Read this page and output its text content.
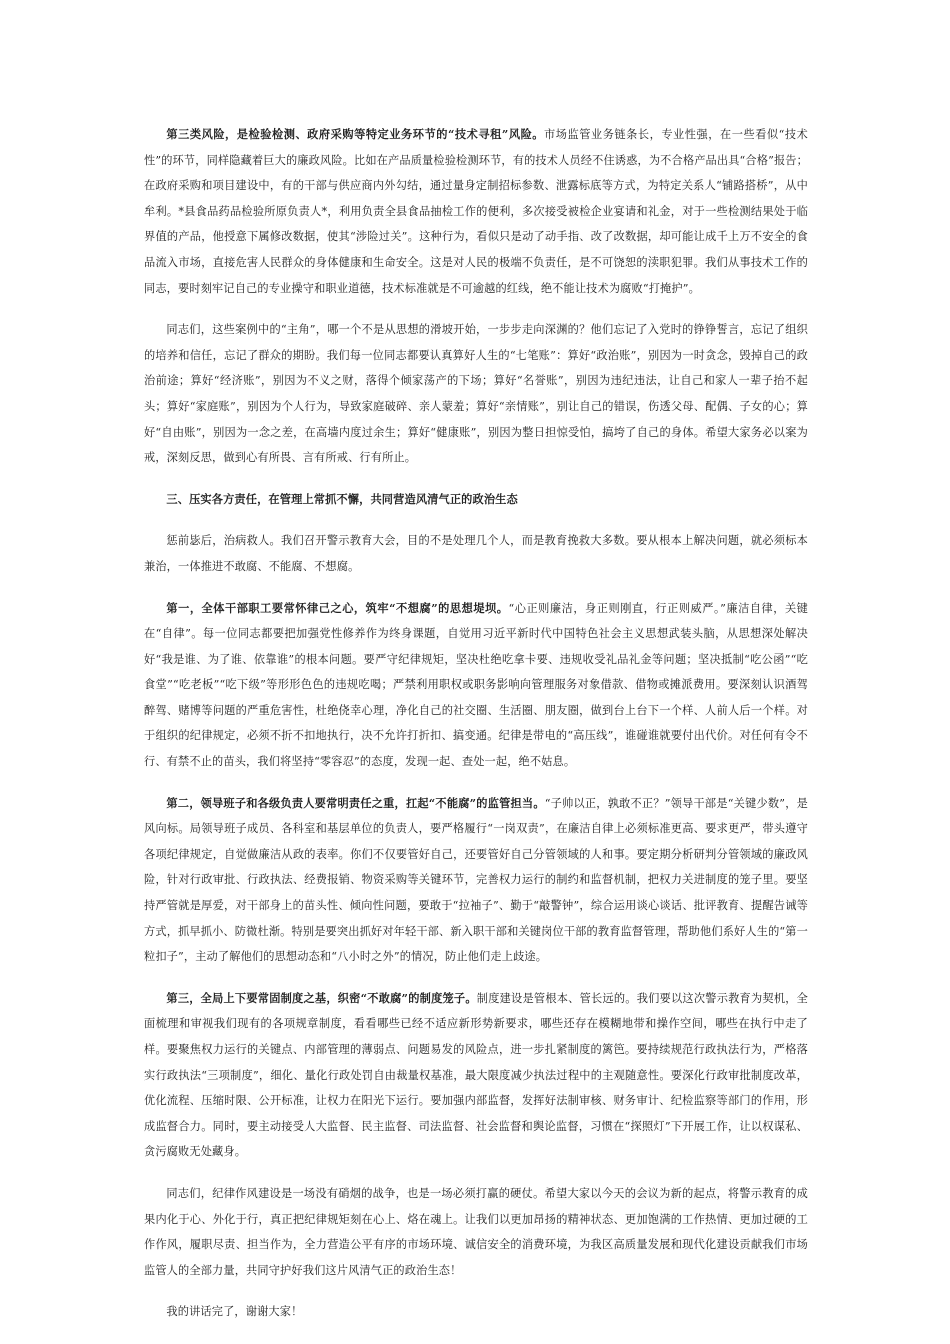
第三类风险，是检验检测、政府采购等特定业务环节的“技术寻租”风险。市场监管业务链条长，专业性强，在一些看似“技术性”的环节，同样隐藏着巨大的廉政风险。比如在产品质量检验检测环节，有的技术人员经不住诱惑，为不合格产品出具“合格”报告；在政府采购和项目建设中，有的干部与供应商内外勾结，通过量身定制招标参数、泄露标底等方式，为特定关系人“铺路搭桥”，从中牟利。*县食品药品检验所原负责人*，利用负责全县食品抽检工作的便利，多次接受被检企业宴请和礼金，对于一些检测结果处于临界值的产品，他授意下属修改数据，使其“涉险过关”。这种行为，看似只是动了动手指、改了改数据，却可能让成千上万不安全的食品流入市场，直接危害人民群众的身体健康和生命安全。这是对人民的极端不负责任，是不可饶恕的渎职犯罪。我们从事技术工作的同志，要时刻牢记自己的专业操守和职业道德，技术标准就是不可逾越的红线，绝不能让技术为腐败“打掩护”。

同志们，这些案例中的“主角”，哪一个不是从思想的滑坡开始，一步步走向深渊的？他们忘记了入党时的铮铮誓言，忘记了组织的培养和信任，忘记了群众的期盼。我们每一位同志都要认真算好人生的“七笔账”：算好“政治账”，别因为一时贪念，毁掉自己的政治前途；算好“经济账”，别因为不义之财，落得个倾家荡产的下场；算好“名誉账”，别因为违纪违法，让自己和家人一辈子抬不起头；算好“家庭账”，别因为个人行为，导致家庭破碎、亲人蒙羞；算好“亲情账”，别让自己的错误，伤透父母、配偶、子女的心；算好“自由账”，别因为一念之差，在高墙内度过余生；算好“健康账”，别因为整日担惊受怕，搞垮了自己的身体。希望大家务必以案为戒，深刻反思，做到心有所畏、言有所戒、行有所止。

三、压实各方责任，在管理上常抓不懈，共同营造风清气正的政治生态

惩前毖后，治病救人。我们召开警示教育大会，目的不是处理几个人，而是教育挽救大多数。要从根本上解决问题，就必须标本兼治，一体推进不敢腐、不能腐、不想腐。

第一，全体干部职工要常怀律己之心，筑牢“不想腐”的思想堤坝。“心正则廉洁，身正则刚直，行正则威严。”廉洁自律，关键在“自律”。每一位同志都要把加强党性修养作为终身课题，自觉用习近平新时代中国特色社会主义思想武装头脑，从思想深处解决好“我是谁、为了谁、依靠谁”的根本问题。要严守纪律规矩，坚决杜绝吃拿卡要、违规收受礼品礼金等问题；坚决抵制“吃公函”“吃食堂”“吃老板”“吃下级”等形形色色的违规吃喝；严禁利用职权或职务影响向管理服务对象借款、借物或摊派费用。要深刻认识酒驾醉驾、赌博等问题的严重危害性，杜绝侥幸心理，净化自己的社交圈、生活圈、朋友圈，做到台上台下一个样、人前人后一个样。对于组织的纪律规定，必须不折不扣地执行，决不允许打折扣、搞变通。纪律是带电的“高压线”，谁碰谁就要付出代价。对任何有令不行、有禁不止的苗头，我们将坚持“零容忍”的态度，发现一起、查处一起，绝不姑息。

第二，领导班子和各级负责人要常明责任之重，扛起“不能腐”的监管担当。“子帅以正，孰敢不正？”领导干部是“关键少数”，是风向标。局领导班子成员、各科室和基层单位的负责人，要严格履行“一岗双责”，在廉洁自律上必须标准更高、要求更严，带头遵守各项纪律规定，自觉做廉洁从政的表率。你们不仅要管好自己，还要管好自己分管领域的人和事。要定期分析研判分管领域的廉政风险，针对行政审批、行政执法、经费报销、物资采购等关键环节，完善权力运行的制约和监督机制，把权力关进制度的笼子里。要坚持严管就是厚爱，对干部身上的苗头性、倾向性问题，要敢于“拉袖子”、勤于“敲警钟”，综合运用谈心谈话、批评教育、提醒告诫等方式，抓早抓小、防微杜渐。特别是要突出抓好对年轻干部、新入职干部和关键岗位干部的教育监督管理，帮助他们系好人生的“第一粒扣子”，主动了解他们的思想动态和“八小时之外”的情况，防止他们走上歧途。

第三，全局上下要常固制度之基，织密“不敢腐”的制度笼子。制度建设是管根本、管长远的。我们要以这次警示教育为契机，全面梳理和审视我们现有的各项规章制度，看看哪些已经不适应新形势新要求，哪些还存在模糊地带和操作空间，哪些在执行中走了样。要聚焦权力运行的关键点、内部管理的薄弱点、问题易发的风险点，进一步扎紧制度的篱笆。要持续规范行政执法行为，严格落实行政执法“三项制度”，细化、量化行政处罚自由裁量权基准，最大限度减少执法过程中的主观随意性。要深化行政审批制度改革，优化流程、压缩时限、公开标准，让权力在阳光下运行。要加强内部监督，发挥好法制审核、财务审计、纪检监察等部门的作用，形成监督合力。同时，要主动接受人大监督、民主监督、司法监督、社会监督和舆论监督，习惯在“探照灯”下开展工作，让以权谋私、贪污腐败无处藏身。

同志们，纪律作风建设是一场没有硝烟的战争，也是一场必须打赢的硬仗。希望大家以今天的会议为新的起点，将警示教育的成果内化于心、外化于行，真正把纪律规矩刻在心上、烙在魂上。让我们以更加昂扬的精神状态、更加饱满的工作热情、更加过硬的工作作风，履职尽责、担当作为，全力营造公平有序的市场环境、诚信安全的消费环境，为我区高质量发展和现代化建设贡献我们市场监管人的全部力量，共同守护好我们这片风清气正的政治生态！

我的讲话完了，谢谢大家！
